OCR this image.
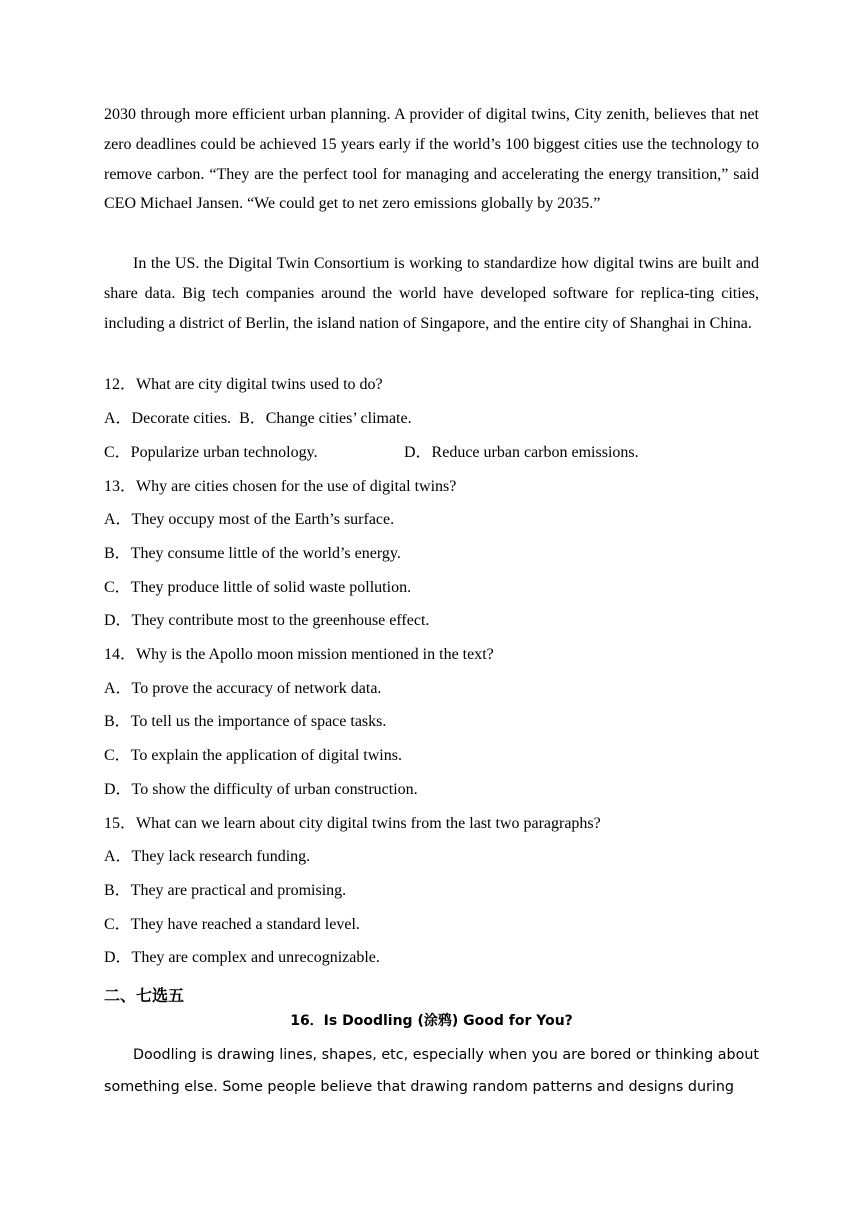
2030 through more efficient urban planning. A provider of digital twins, City zenith, believes that net zero deadlines could be achieved 15 years early if the world’s 100 biggest cities use the technology to remove carbon. “They are the perfect tool for managing and accelerating the energy transition,” said CEO Michael Jansen. “We could get to net zero emissions globally by 2035.”
In the US. the Digital Twin Consortium is working to standardize how digital twins are built and share data. Big tech companies around the world have developed software for replica-ting cities, including a district of Berlin, the island nation of Singapore, and the entire city of Shanghai in China.
12．What are city digital twins used to do?
A．Decorate cities. B．Change cities’ climate.
C．Popularize urban technology.	D．Reduce urban carbon emissions.
13．Why are cities chosen for the use of digital twins?
A．They occupy most of the Earth’s surface.
B．They consume little of the world’s energy.
C．They produce little of solid waste pollution.
D．They contribute most to the greenhouse effect.
14．Why is the Apollo moon mission mentioned in the text?
A．To prove the accuracy of network data.
B．To tell us the importance of space tasks.
C．To explain the application of digital twins.
D．To show the difficulty of urban construction.
15．What can we learn about city digital twins from the last two paragraphs?
A．They lack research funding.
B．They are practical and promising.
C．They have reached a standard level.
D．They are complex and unrecognizable.
二、七选五
16．Is Doodling (涂鸦) Good for You?
Doodling is drawing lines, shapes, etc, especially when you are bored or thinking about something else. Some people believe that drawing random patterns and designs during
